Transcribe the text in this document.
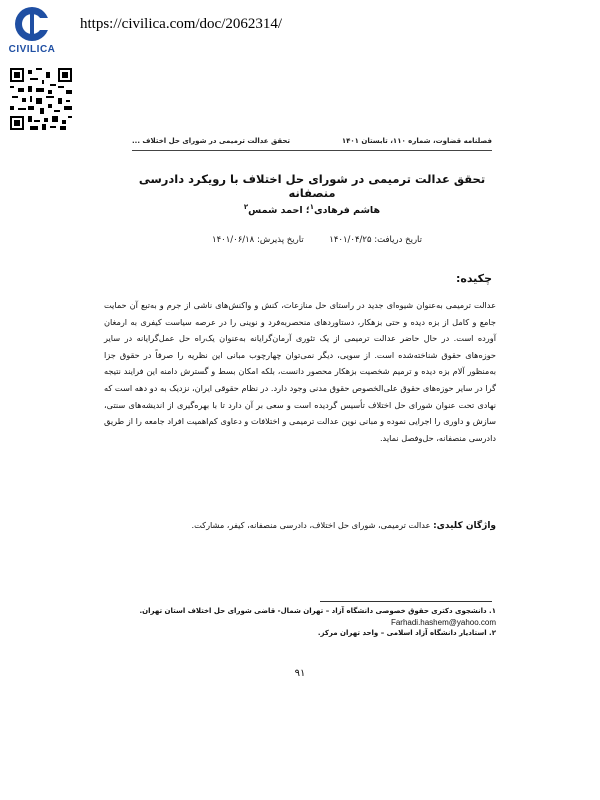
CIVILICA
https://civilica.com/doc/2062314/
فصلنامه قضاوت، شماره ۱۱۰، تابستان ۱۴۰۱
تحقق عدالت ترمیمی در شورای حل اختلاف ...
تحقق عدالت ترمیمی در شورای حل اختلاف با رویکرد دادرسی منصفانه
هاشم فرهادی$^۱$؛ احمد شمس$^۲$
تاریخ دریافت: ۱۴۰۱/۰۴/۲۵
تاریخ پذیرش: ۱۴۰۱/۰۶/۱۸
چکیده:
عدالت ترمیمی به‌عنوان شیوه‌ای جدید در راستای حل منازعات، کنش و واکنش‌های ناشی از جرم و به‌تبع آن حمایت جامع و کامل از بزه دیده و حتی بزهکار، دستاوردهای منحصربه‌فرد و نوینی را در عرصه سیاست کیفری به ارمغان آورده است. در حال حاضر عدالت ترمیمی از یک تئوری آرمان‌گرایانه به‌عنوان یک‌راه حل عمل‌گرایانه در سایر حوزه‌های حقوق شناخته‌شده است. از سویی، دیگر نمی‌توان چهارچوب مبانی این نظریه را صرفاً در حقوق جزا به‌منظور آلام بزه دیده و ترمیم شخصیت بزهکار محصور دانست، بلکه امکان بسط و گسترش دامنه این فرایند نتیجه گرا در سایر حوزه‌های حقوق علی‌الخصوص حقوق مدنی وجود دارد. در نظام حقوقی ایران، نزدیک به دو دهه است که نهادی تحت عنوان شورای حل اختلاف تأسیس گردیده است و سعی بر آن دارد تا با بهره‌گیری از اندیشه‌های سنتی، سازش و داوری را اجرایی نموده و مبانی نوین عدالت ترمیمی و اختلافات و دعاوی کم‌اهمیت افراد جامعه را از طریق دادرسی منصفانه، حل‌وفصل نماید.
واژگان کلیدی: عدالت ترمیمی، شورای حل اختلاف، دادرسی منصفانه، کیفر، مشارکت.
۱. دانشجوی دکتری حقوق خصوصی دانشگاه آزاد – تهران شمال- قاضی شورای حل اختلاف استان تهران.
Farhadi.hashem@yahoo.com
۲. استادیار دانشگاه آزاد اسلامی – واحد تهران مرکز.
۹۱
